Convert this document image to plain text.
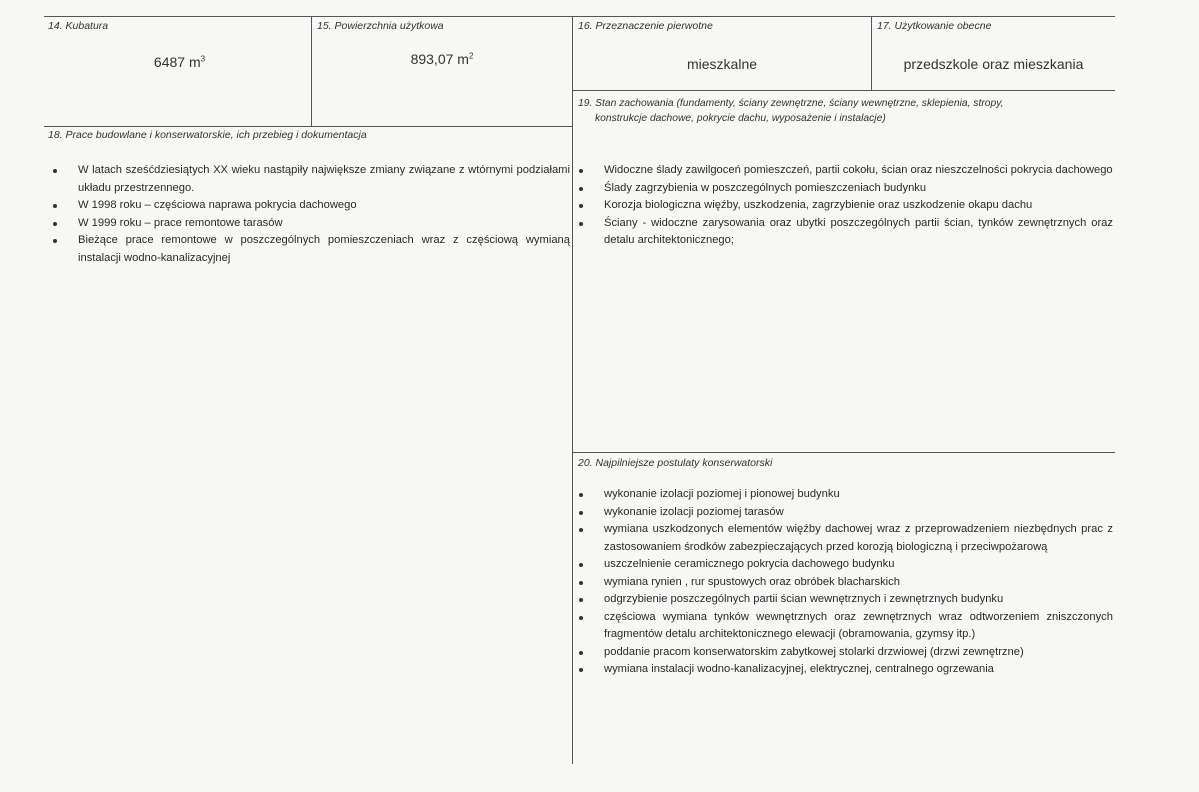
14. Kubatura
6487 $m^3$
15. Powierzchnia użytkowa
893,07 $m^2$
16. Przeznaczenie pierwotne
mieszkalne
17. Użytkowanie obecne
przedszkole oraz mieszkania
18. Prace budowlane i konserwatorskie, ich przebieg i dokumentacja
W latach sześćdziesiątych XX wieku nastąpiły największe zmiany związane z wtórnymi podziałami układu przestrzennego.
W 1998 roku – częściowa naprawa pokrycia dachowego
W 1999 roku – prace remontowe tarasów
Bieżące prace remontowe w poszczególnych pomieszczeniach wraz z częściową wymianą instalacji wodno-kanalizacyjnej
19. Stan zachowania (fundamenty, ściany zewnętrzne, ściany wewnętrzne, sklepienia, stropy,
konstrukcje dachowe, pokrycie dachu, wyposażenie i instalacje)
Widoczne ślady zawilgoceń pomieszczeń, partii cokołu, ścian oraz nieszczelności pokrycia dachowego
Ślady zagrzybienia w poszczególnych pomieszczeniach budynku
Korozja biologiczna więźby, uszkodzenia, zagrzybienie oraz uszkodzenie okapu dachu
Ściany - widoczne zarysowania oraz ubytki poszczególnych partii ścian, tynków zewnętrznych oraz detalu architektonicznego;
20. Najpilniejsze postulaty konserwatorski
wykonanie izolacji poziomej i pionowej budynku
wykonanie izolacji poziomej tarasów
wymiana uszkodzonych elementów więźby dachowej wraz z przeprowadzeniem niezbędnych prac z zastosowaniem środków zabezpieczających przed korozją biologiczną i przeciwpożarową
uszczelnienie ceramicznego pokrycia dachowego budynku
wymiana rynien , rur spustowych oraz obróbek blacharskich
odgrzybienie poszczególnych partii ścian wewnętrznych i zewnętrznych budynku
częściowa wymiana tynków wewnętrznych oraz zewnętrznych wraz odtworzeniem zniszczonych fragmentów detalu architektonicznego elewacji (obramowania, gzymsy itp.)
poddanie pracom konserwatorskim zabytkowej stolarki drzwiowej (drzwi zewnętrzne)
wymiana instalacji wodno-kanalizacyjnej, elektrycznej, centralnego ogrzewania
